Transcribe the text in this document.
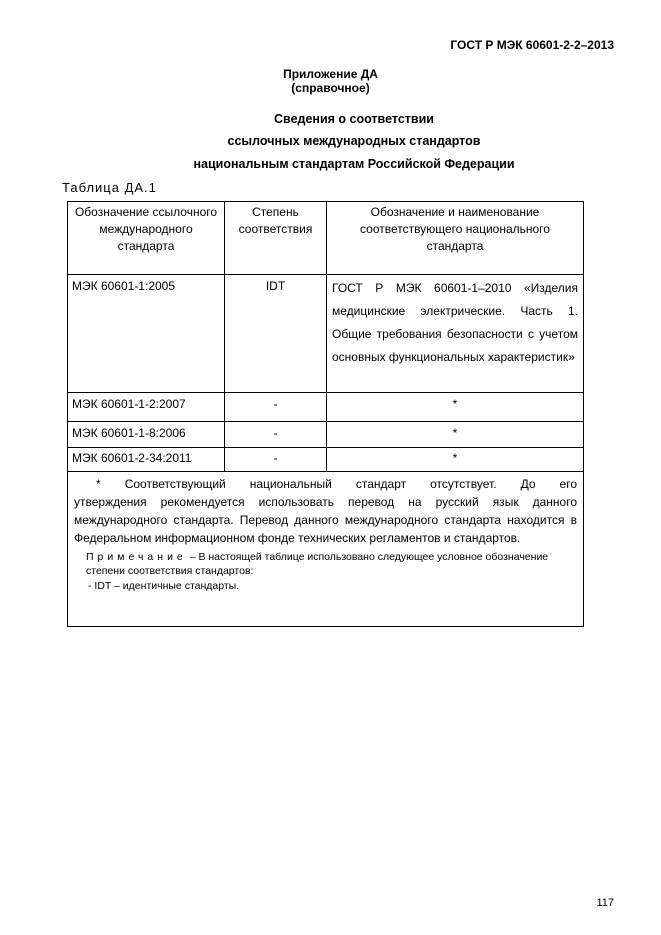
ГОСТ Р МЭК 60601-2-2–2013
Приложение ДА
(справочное)
Сведения о соответствии
ссылочных международных стандартов
национальным стандартам Российской Федерации
Таблица ДА.1
Обозначение ссылочного международного стандарта	Степень соответствия	Обозначение и наименование соответствующего национального стандарта
МЭК 60601-1:2005	IDT	ГОСТ Р МЭК 60601-1–2010 «Изделия медицинские электрические. Часть 1. Общие требования безопасности с учетом основных функциональных характеристик»
МЭК 60601-1-2:2007	-	*
МЭК 60601-1-8:2006	-	*
МЭК 60601-2-34:2011	-	*

* Соответствующий национальный стандарт отсутствует. До его
утверждения рекомендуется использовать перевод на русский язык данного международного стандарта. Перевод данного международного стандарта находится в Федеральном информационном фонде технических регламентов и стандартов.
Примечание – В настоящей таблице использовано следующее условное обозначение степени соответствия стандартов:
- IDT – идентичные стандарты.		
117
